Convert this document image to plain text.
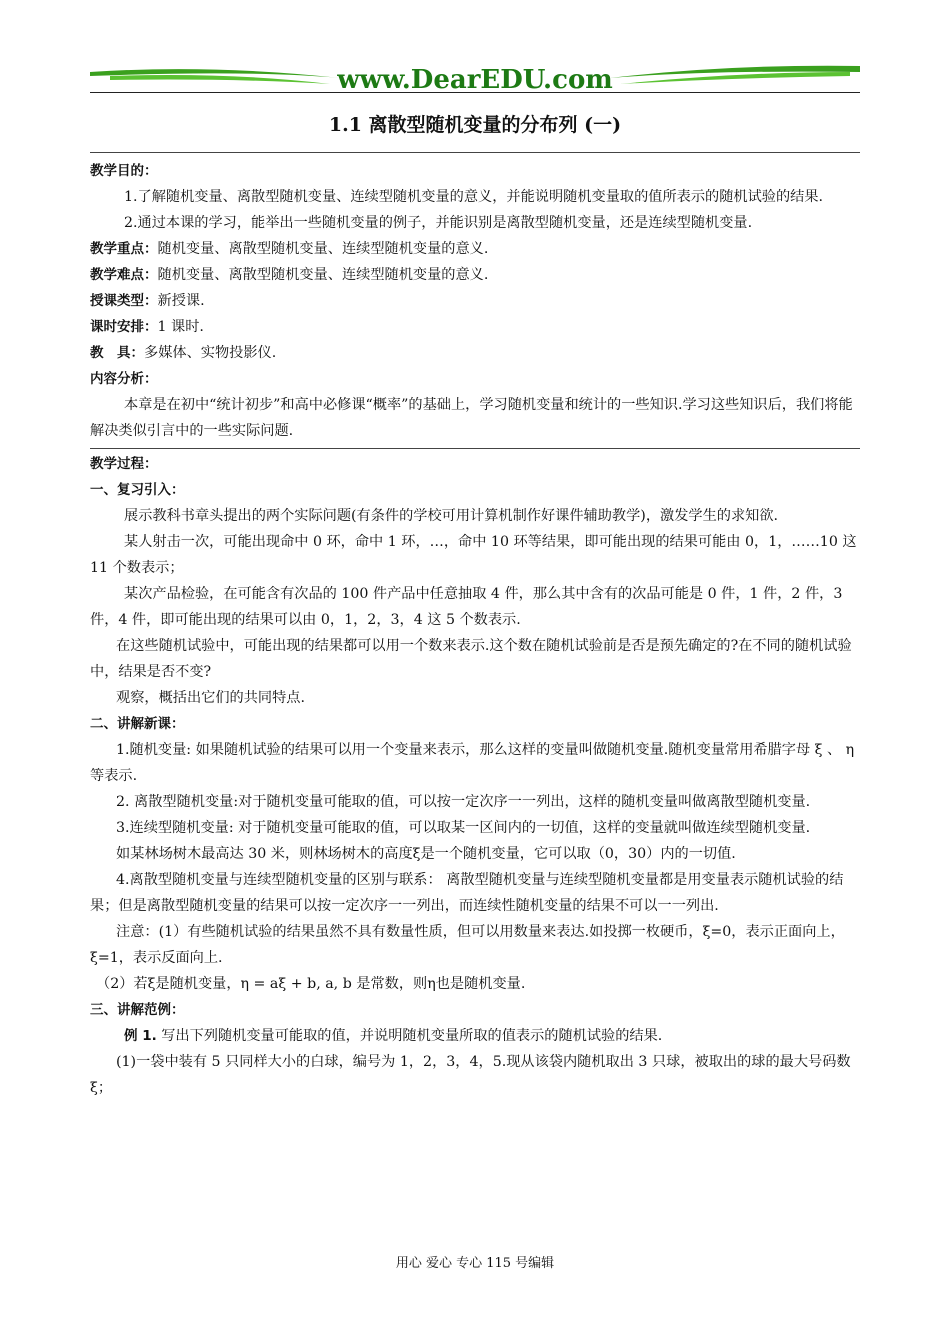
www.DearEDU.com
1.1 离散型随机变量的分布列 (一)

教学目的：

1.了解随机变量、离散型随机变量、连续型随机变量的意义，并能说明随机变量取的值所表示的随机试验的结果.

2.通过本课的学习，能举出一些随机变量的例子，并能识别是离散型随机变量，还是连续型随机变量.

教学重点：随机变量、离散型随机变量、连续型随机变量的意义.

教学难点：随机变量、离散型随机变量、连续型随机变量的意义.

授课类型：新授课.

课时安排：1 课时.

教　具：多媒体、实物投影仪.

内容分析：

本章是在初中“统计初步”和高中必修课“概率”的基础上，学习随机变量和统计的一些知识.学习这些知识后，我们将能解决类似引言中的一些实际问题.

教学过程：

一、复习引入：

展示教科书章头提出的两个实际问题(有条件的学校可用计算机制作好课件辅助教学)，激发学生的求知欲.

某人射击一次，可能出现命中 0 环，命中 1 环，…，命中 10 环等结果，即可能出现的结果可能由 0，1，……10 这 11 个数表示；

某次产品检验，在可能含有次品的 100 件产品中任意抽取 4 件，那么其中含有的次品可能是 0 件，1 件，2 件，3 件，4 件，即可能出现的结果可以由 0，1，2，3，4 这 5 个数表示.

在这些随机试验中，可能出现的结果都可以用一个数来表示.这个数在随机试验前是否是预先确定的?在不同的随机试验中，结果是否不变?

观察，概括出它们的共同特点.

二、讲解新课：

1.随机变量: 如果随机试验的结果可以用一个变量来表示，那么这样的变量叫做随机变量.随机变量常用希腊字母 ξ 、 η 等表示.

2. 离散型随机变量:对于随机变量可能取的值，可以按一定次序一一列出，这样的随机变量叫做离散型随机变量.

3.连续型随机变量: 对于随机变量可能取的值，可以取某一区间内的一切值，这样的变量就叫做连续型随机变量.

如某林场树木最高达 30 米，则林场树木的高度ξ是一个随机变量，它可以取（0，30）内的一切值.

4.离散型随机变量与连续型随机变量的区别与联系： 离散型随机变量与连续型随机变量都是用变量表示随机试验的结果；但是离散型随机变量的结果可以按一定次序一一列出，而连续性随机变量的结果不可以一一列出.

注意：(1）有些随机试验的结果虽然不具有数量性质，但可以用数量来表达.如投掷一枚硬币，ξ=0，表示正面向上，ξ=1，表示反面向上.

（2）若ξ是随机变量，η = aξ + b, a, b 是常数，则η也是随机变量.

三、讲解范例：

例 1. 写出下列随机变量可能取的值，并说明随机变量所取的值表示的随机试验的结果.

(1)一袋中装有 5 只同样大小的白球，编号为 1，2，3，4，5.现从该袋内随机取出 3 只球，被取出的球的最大号码数 ξ；

用心 爱心 专心 115 号编辑
